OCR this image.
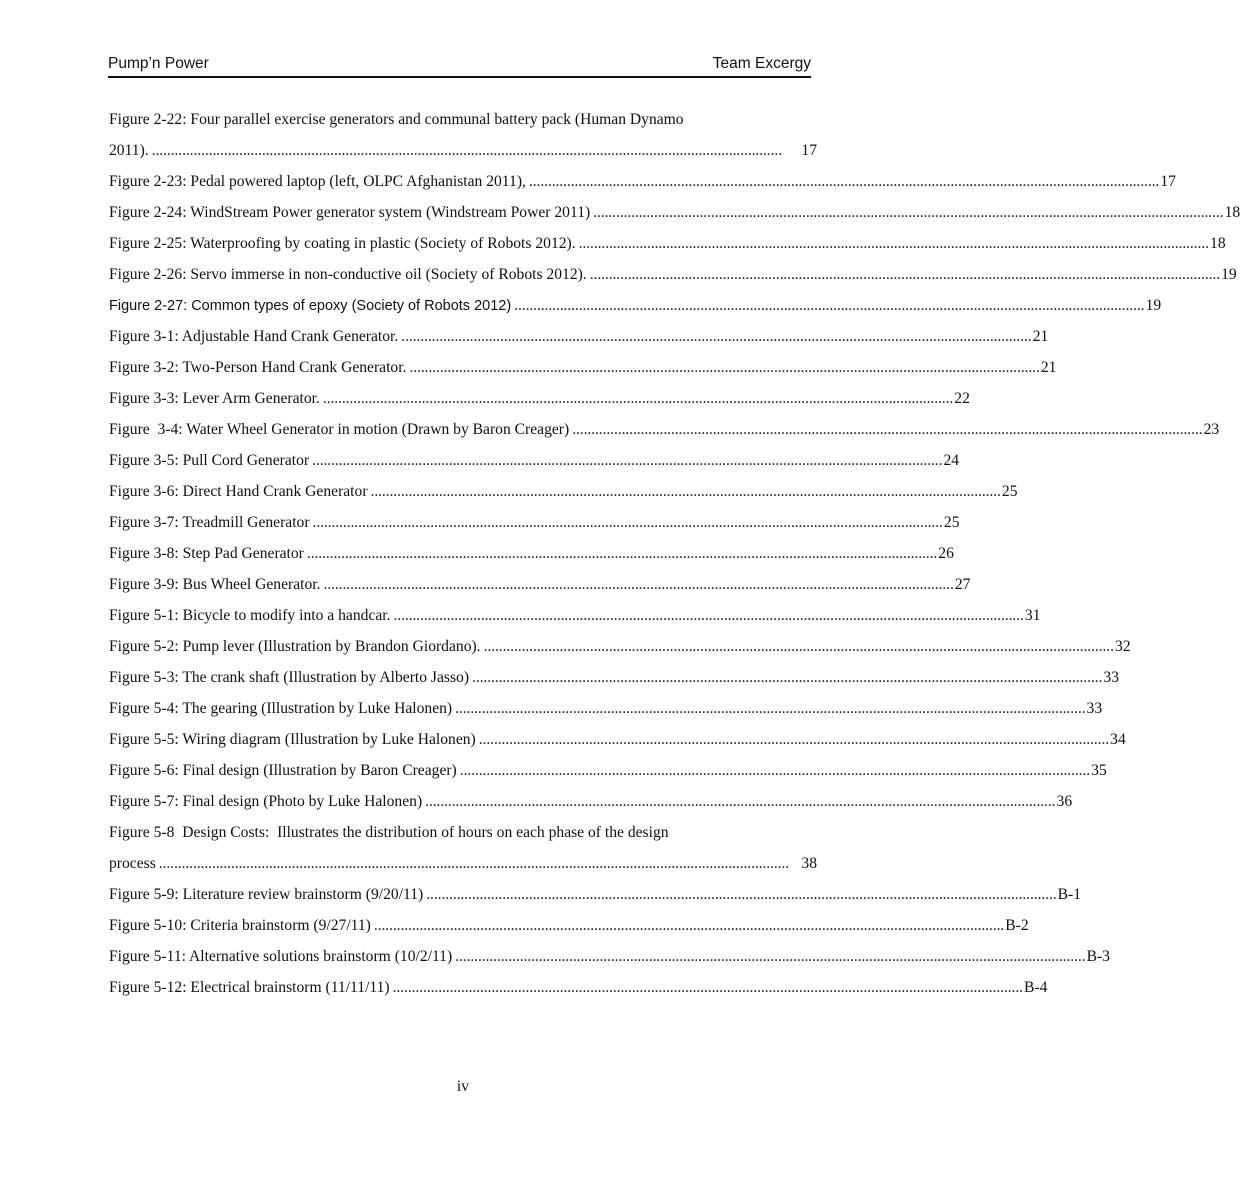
Pump’n Power	Team Excergy
Figure 2-22: Four parallel exercise generators and communal battery pack (Human Dynamo
2011). . . .	17
Figure 2-23: Pedal powered laptop (left, OLPC Afghanistan 2011), . . .	17
Figure 2-24: WindStream Power generator system (Windstream Power 2011) . . .	18
Figure 2-25: Waterproofing by coating in plastic (Society of Robots 2012). . . .	18
Figure 2-26: Servo immerse in non-conductive oil (Society of Robots 2012). . . .	19
Figure 2-27: Common types of epoxy (Society of Robots 2012) . . .	19
Figure 3-1: Adjustable Hand Crank Generator. . . .	21
Figure 3-2: Two-Person Hand Crank Generator. . . .	21
Figure 3-3: Lever Arm Generator. . . .	22
Figure  3-4: Water Wheel Generator in motion (Drawn by Baron Creager) . . .	23
Figure 3-5: Pull Cord Generator . . .	24
Figure 3-6: Direct Hand Crank Generator . . .	25
Figure 3-7: Treadmill Generator . . .	25
Figure 3-8: Step Pad Generator . . .	26
Figure 3-9: Bus Wheel Generator. . . .	27
Figure 5-1: Bicycle to modify into a handcar. . . .	31
Figure 5-2: Pump lever (Illustration by Brandon Giordano). . . .	32
Figure 5-3: The crank shaft (Illustration by Alberto Jasso) . . .	33
Figure 5-4: The gearing (Illustration by Luke Halonen) . . .	33
Figure 5-5: Wiring diagram (Illustration by Luke Halonen) . . .	34
Figure 5-6: Final design (Illustration by Baron Creager) . . .	35
Figure 5-7: Final design (Photo by Luke Halonen) . . .	36
Figure 5-8  Design Costs:  Illustrates the distribution of hours on each phase of the design
process . . .	38
Figure 5-9: Literature review brainstorm (9/20/11) . . .	B-1
Figure 5-10: Criteria brainstorm (9/27/11) . . .	B-2
Figure 5-11: Alternative solutions brainstorm (10/2/11) . . .	B-3
Figure 5-12: Electrical brainstorm (11/11/11) . . .	B-4
iv
